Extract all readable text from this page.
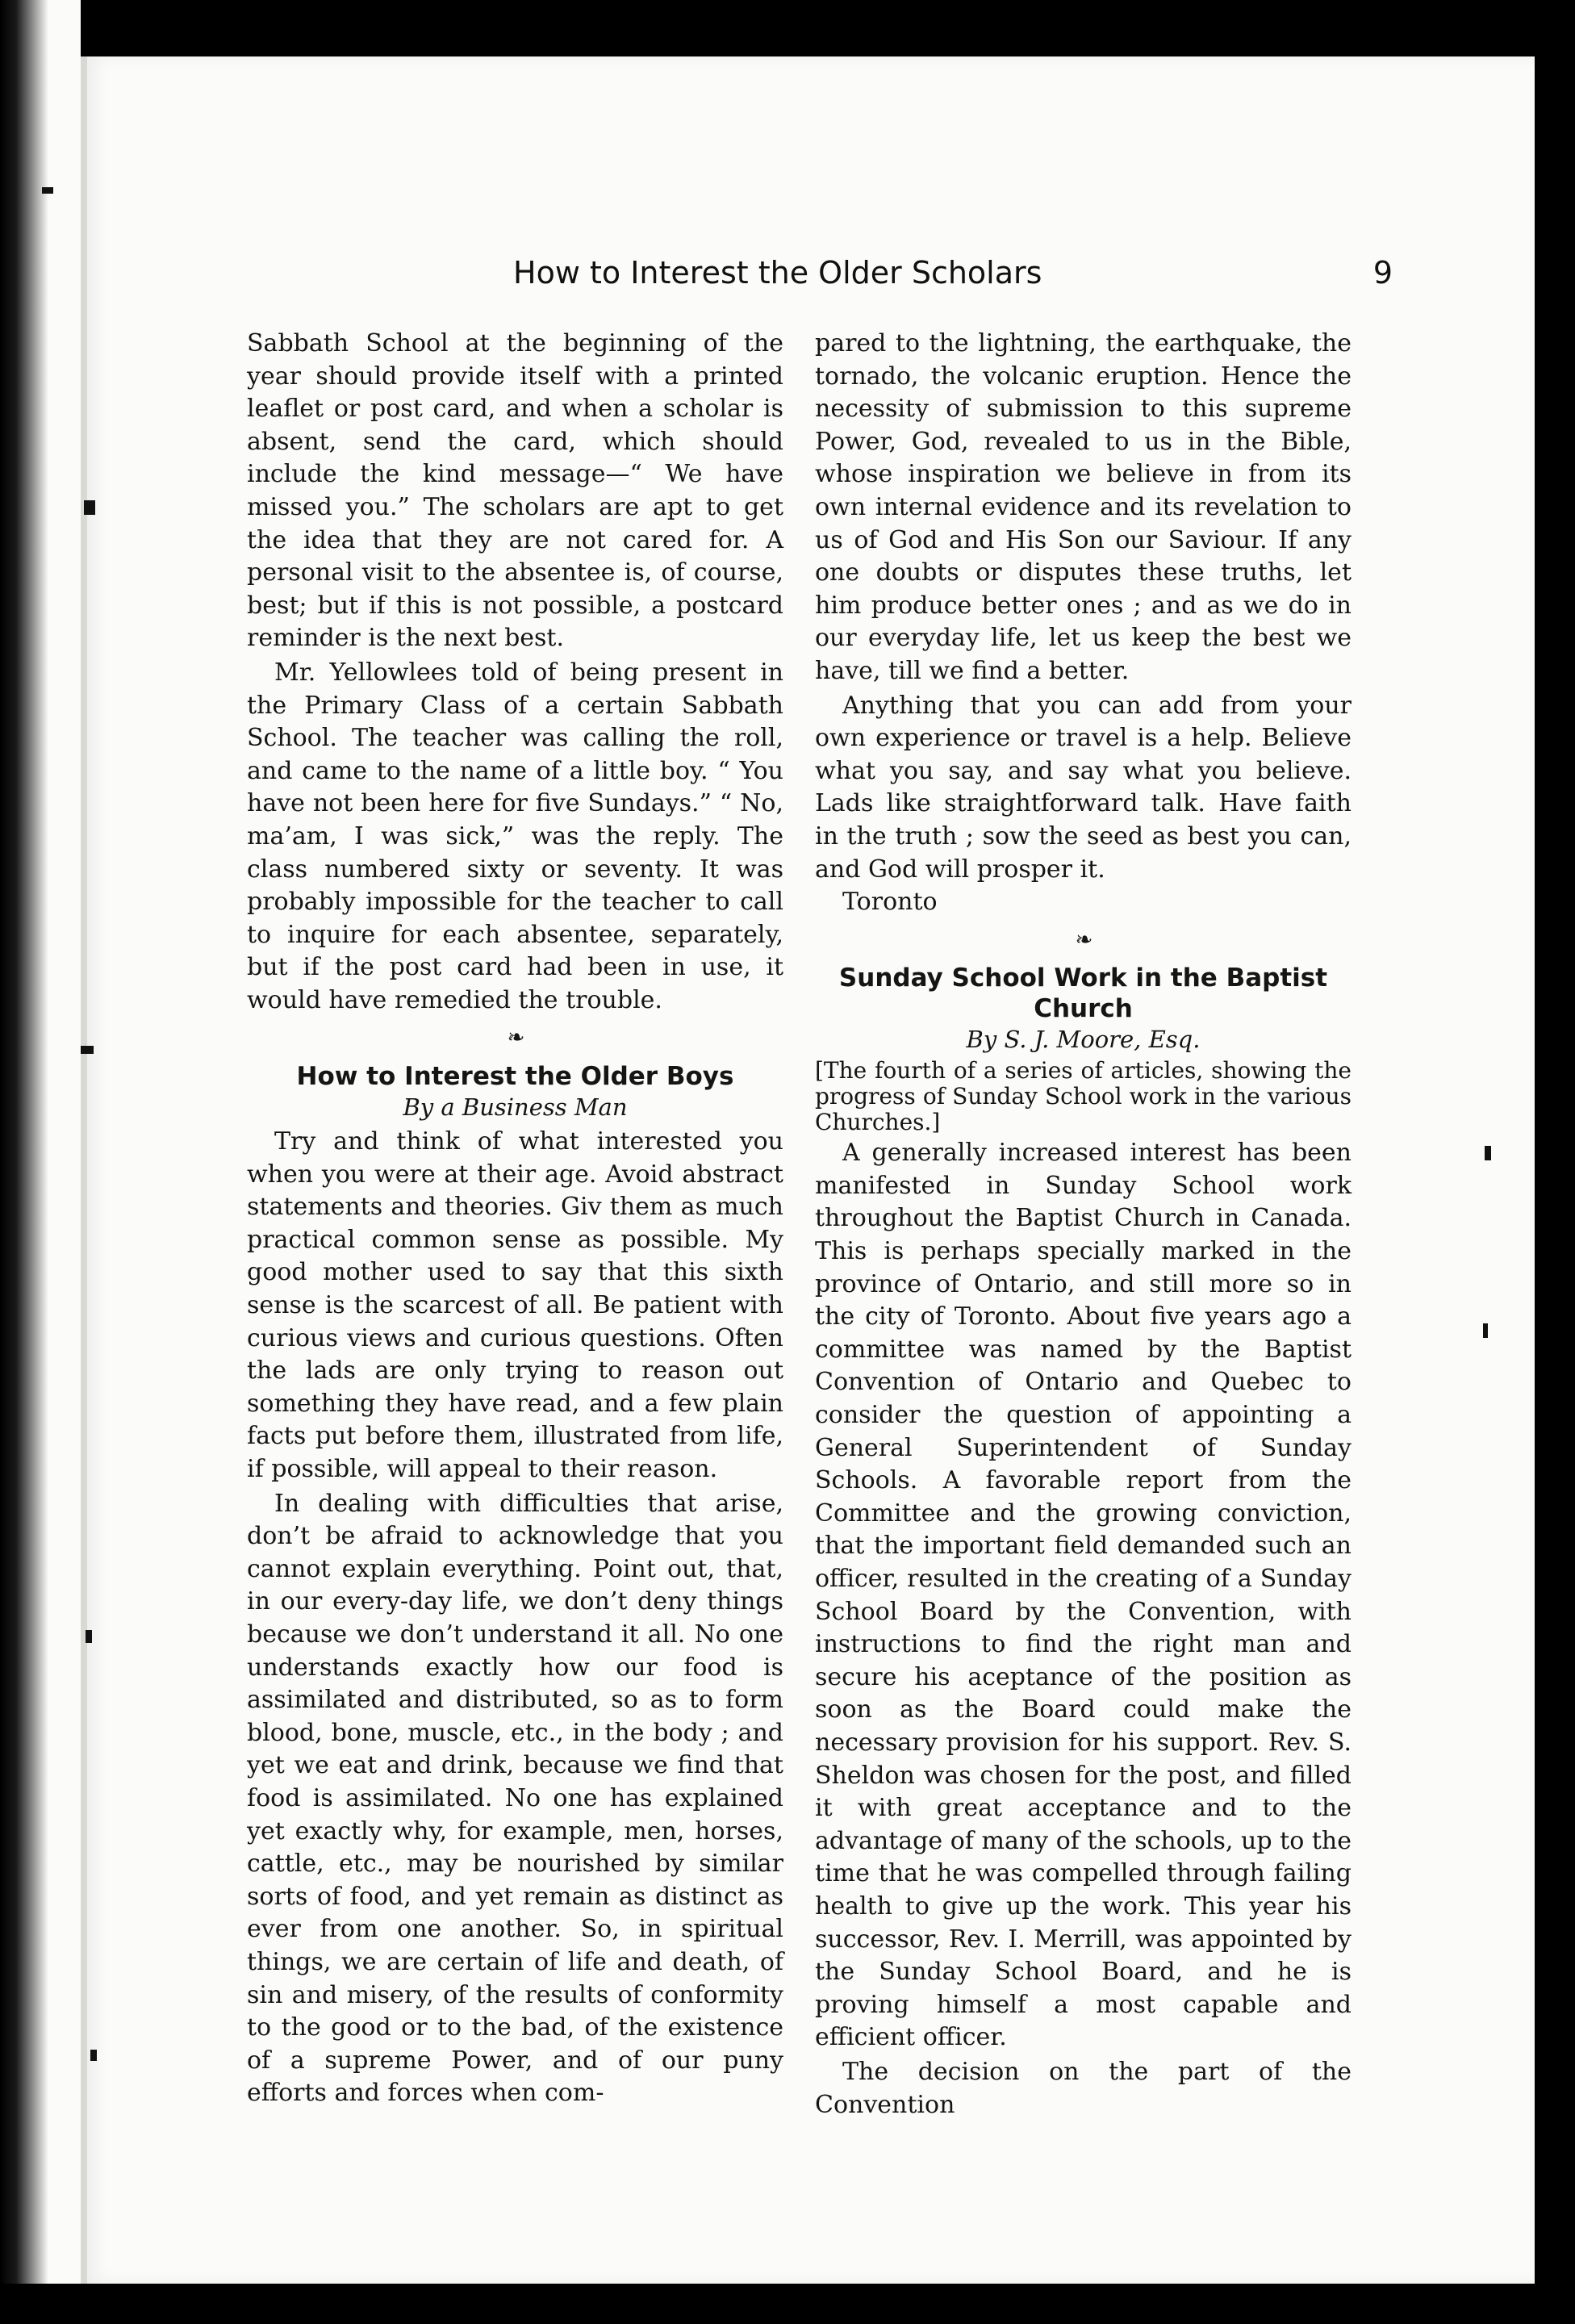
How to Interest the Older Scholars	9

Sabbath School at the beginning of the year should provide itself with a printed leaflet or post card, and when a scholar is absent, send the card, which should include the kind message—“ We have missed you.” The scholars are apt to get the idea that they are not cared for. A personal visit to the absentee is, of course, best; but if this is not possible, a postcard reminder is the next best.

Mr. Yellowlees told of being present in the Primary Class of a certain Sabbath School. The teacher was calling the roll, and came to the name of a little boy. “ You have not been here for five Sundays.” “ No, ma’am, I was sick,” was the reply. The class numbered sixty or seventy. It was probably impossible for the teacher to call to inquire for each absentee, separately, but if the post card had been in use, it would have remedied the trouble.

❧
How to Interest the Older Boys
By a Business Man

Try and think of what interested you when you were at their age. Avoid abstract statements and theories. Giv them as much practical common sense as possible. My good mother used to say that this sixth sense is the scarcest of all. Be patient with curious views and curious questions. Often the lads are only trying to reason out something they have read, and a few plain facts put before them, illustrated from life, if possible, will appeal to their reason.

In dealing with difficulties that arise, don’t be afraid to acknowledge that you cannot explain everything. Point out, that, in our every-day life, we don’t deny things because we don’t understand it all. No one understands exactly how our food is assimilated and distributed, so as to form blood, bone, muscle, etc., in the body ; and yet we eat and drink, because we find that food is assimilated. No one has explained yet exactly why, for example, men, horses, cattle, etc., may be nourished by similar sorts of food, and yet remain as distinct as ever from one another. So, in spiritual things, we are certain of life and death, of sin and misery, of the results of conformity to the good or to the bad, of the existence of a supreme Power, and of our puny efforts and forces when com-

pared to the lightning, the earthquake, the tornado, the volcanic eruption. Hence the necessity of submission to this supreme Power, God, revealed to us in the Bible, whose inspiration we believe in from its own internal evidence and its revelation to us of God and His Son our Saviour. If any one doubts or disputes these truths, let him produce better ones ; and as we do in our everyday life, let us keep the best we have, till we find a better.

Anything that you can add from your own experience or travel is a help. Believe what you say, and say what you believe. Lads like straightforward talk. Have faith in the truth ; sow the seed as best you can, and God will prosper it.

Toronto
❧
Sunday School Work in the Baptist Church
By S. J. Moore, Esq.

[The fourth of a series of articles, showing the progress of Sunday School work in the various Churches.]

A generally increased interest has been manifested in Sunday School work throughout the Baptist Church in Canada. This is perhaps specially marked in the province of Ontario, and still more so in the city of Toronto. About five years ago a committee was named by the Baptist Convention of Ontario and Quebec to consider the question of appointing a General Superintendent of Sunday Schools. A favorable report from the Committee and the growing conviction, that the important field demanded such an officer, resulted in the creating of a Sunday School Board by the Convention, with instructions to find the right man and secure his aceptance of the position as soon as the Board could make the necessary provision for his support. Rev. S. Sheldon was chosen for the post, and filled it with great acceptance and to the advantage of many of the schools, up to the time that he was compelled through failing health to give up the work. This year his successor, Rev. I. Merrill, was appointed by the Sunday School Board, and he is proving himself a most capable and efficient officer.

The decision on the part of the Convention
